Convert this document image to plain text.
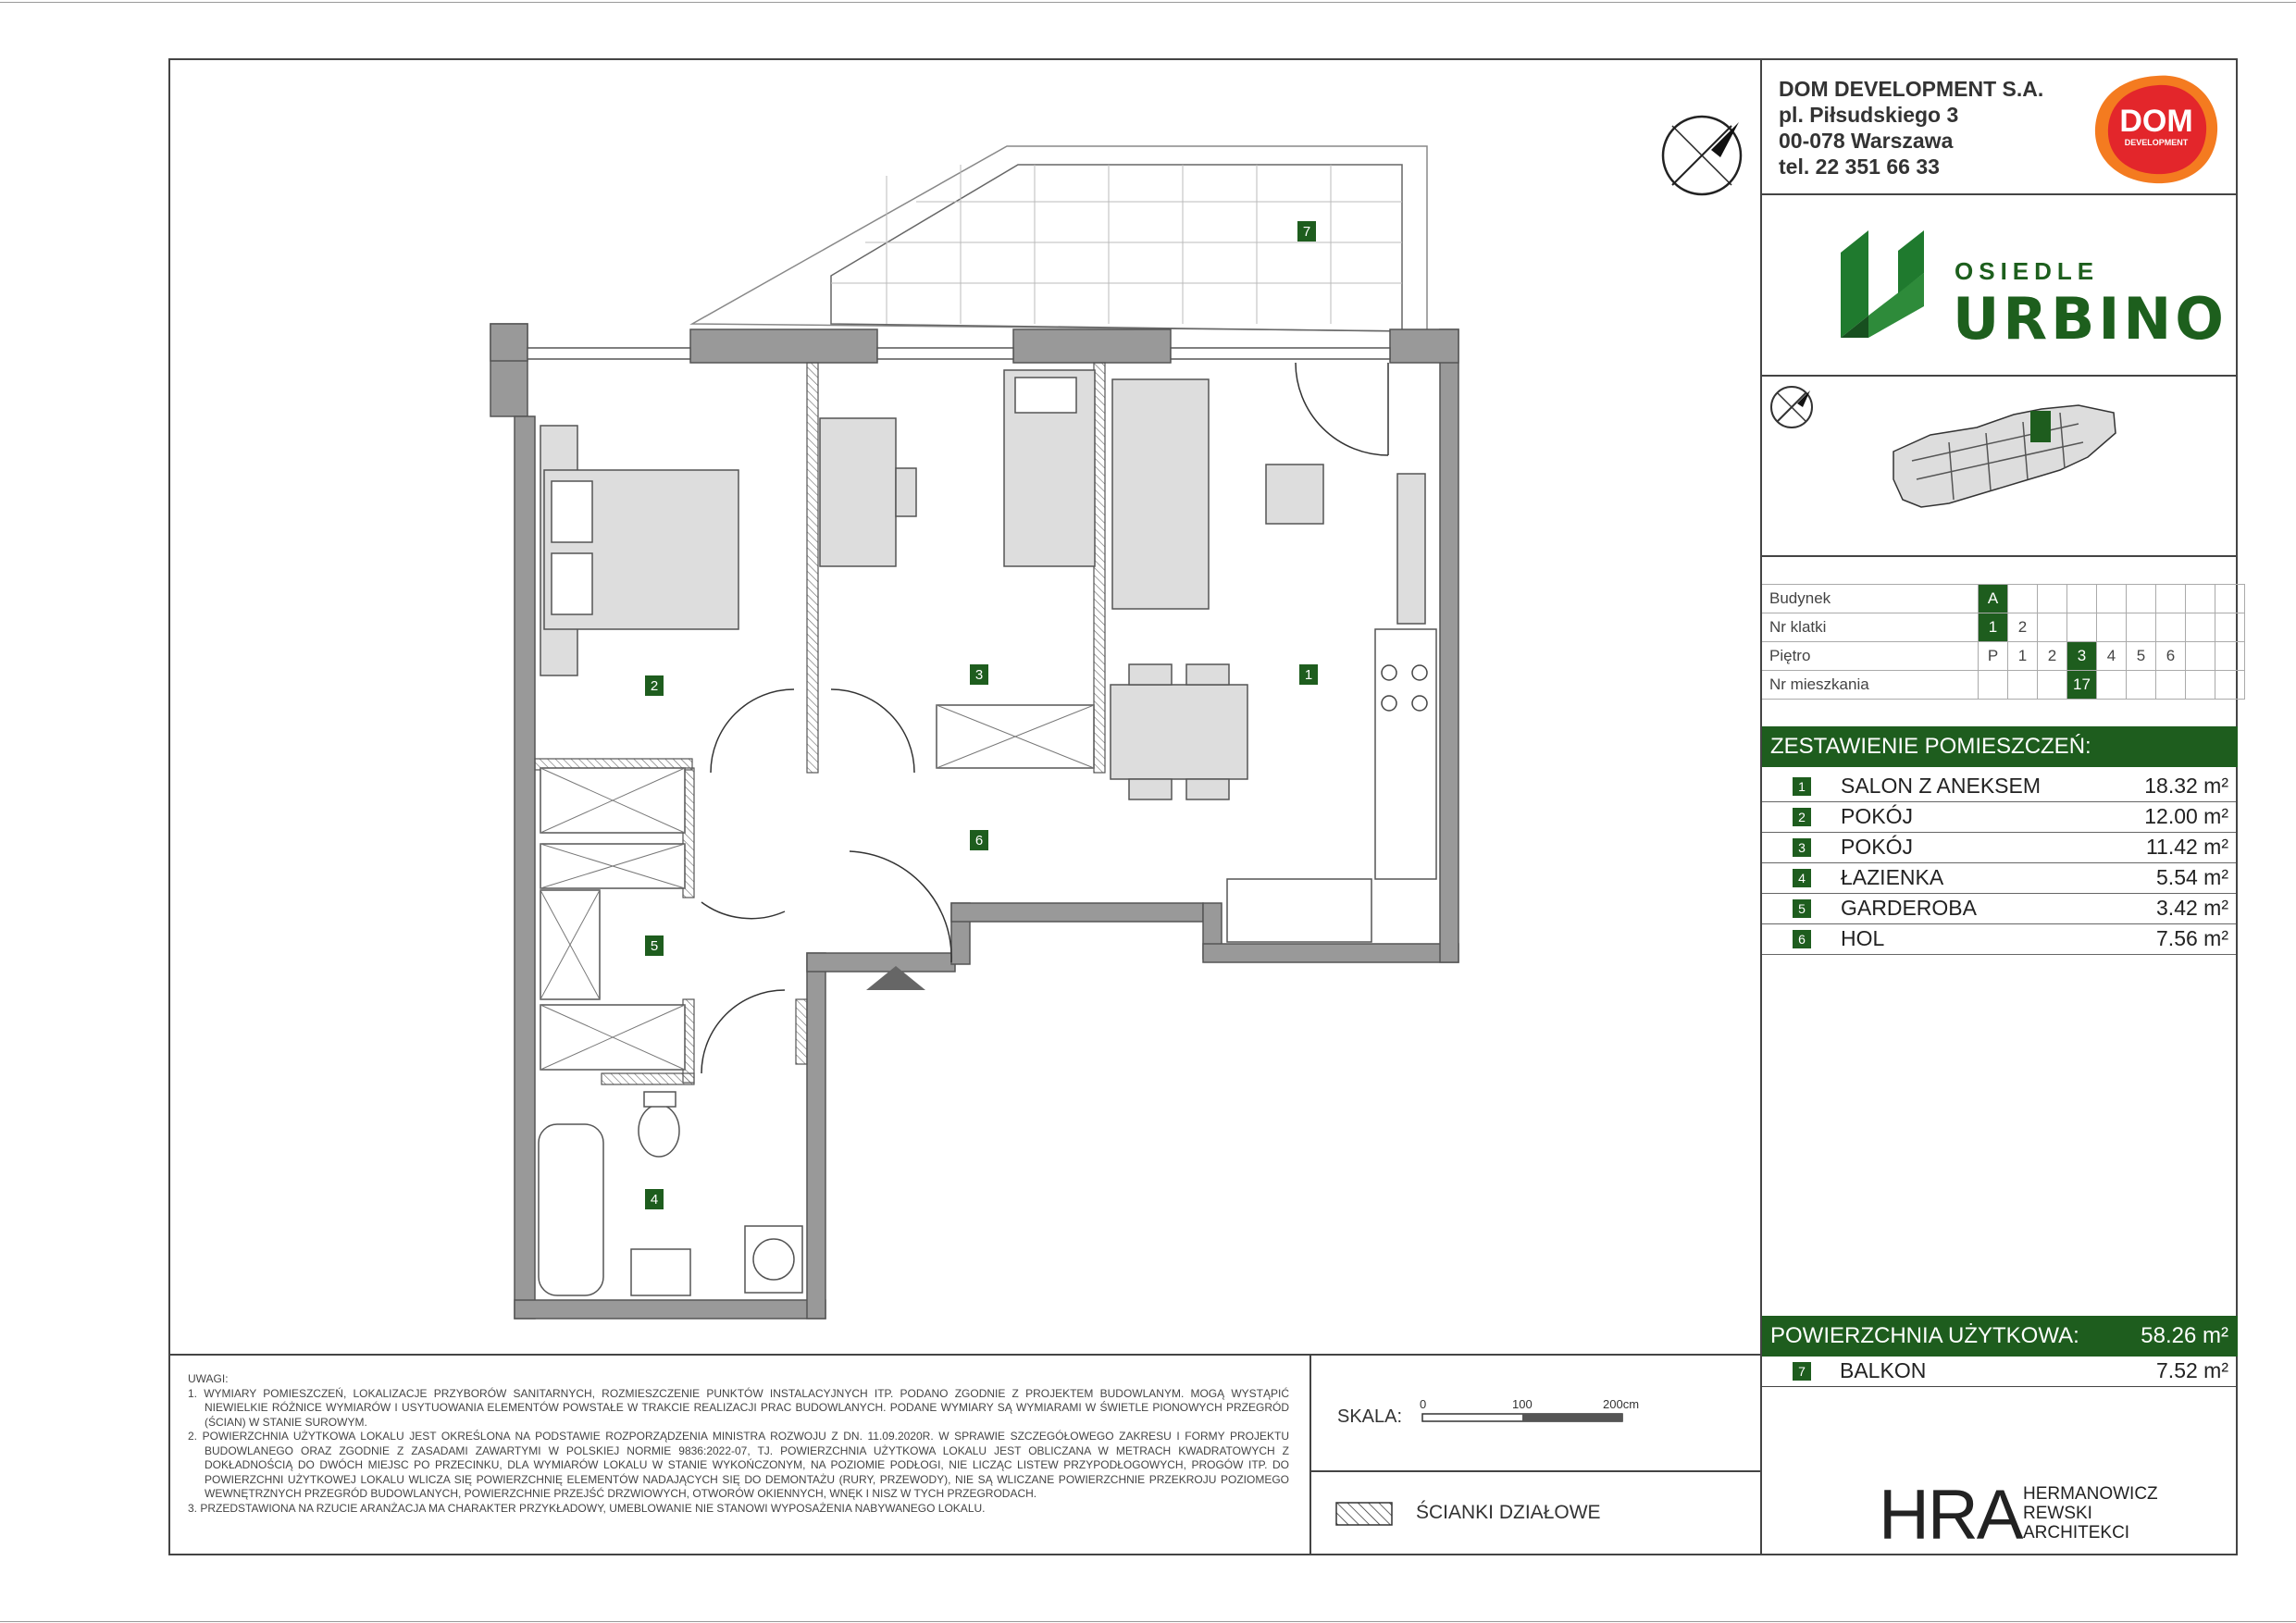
DOM DEVELOPMENT S.A.
pl. Piłsudskiego 3
00-078 Warszawa
tel. 22 351 66 33
DOM
DEVELOPMENT
OSIEDLE
URBINO
Budynek	A								
Nr klatki	1	2							
Piętro	P	1	2	3	4	5	6		
Nr mieszkania				17					
ZESTAWIENIE POMIESZCZEŃ:
1 SALON Z ANEKSEM	18.32 m²
2 POKÓJ	12.00 m²
3 POKÓJ	11.42 m²
4 ŁAZIENKA	5.54 m²
5 GARDEROBA	3.42 m²
6 HOL	7.56 m²
POWIERZCHNIA UŻYTKOWA:	58.26 m²
7 BALKON	7.52 m²
UWAGI:
1. WYMIARY POMIESZCZEŃ, LOKALIZACJE PRZYBORÓW SANITARNYCH, ROZMIESZCZENIE PUNKTÓW INSTALACYJNYCH ITP. PODANO ZGODNIE Z PROJEKTEM BUDOWLANYM. MOGĄ WYSTĄPIĆ NIEWIELKIE RÓŻNICE WYMIARÓW I USYTUOWANIA ELEMENTÓW POWSTAŁE W TRAKCIE REALIZACJI PRAC BUDOWLANYCH. PODANE WYMIARY SĄ WYMIARAMI W ŚWIETLE PIONOWYCH PRZEGRÓD (ŚCIAN) W STANIE SUROWYM.
2. POWIERZCHNIA UŻYTKOWA LOKALU JEST OKREŚLONA NA PODSTAWIE ROZPORZĄDZENIA MINISTRA ROZWOJU Z DN. 11.09.2020R. W SPRAWIE SZCZEGÓŁOWEGO ZAKRESU I FORMY PROJEKTU BUDOWLANEGO ORAZ ZGODNIE Z ZASADAMI ZAWARTYMI W POLSKIEJ NORMIE 9836:2022-07, TJ. POWIERZCHNIA UŻYTKOWA LOKALU JEST OBLICZANA W METRACH KWADRATOWYCH Z DOKŁADNOŚCIĄ DO DWÓCH MIEJSC PO PRZECINKU, DLA WYMIARÓW LOKALU W STANIE WYKOŃCZONYM, NA POZIOMIE PODŁOGI, NIE LICZĄC LISTEW PRZYPODŁOGOWYCH, PROGÓW ITP. DO POWIERZCHNI UŻYTKOWEJ LOKALU WLICZA SIĘ POWIERZCHNIĘ ELEMENTÓW NADAJĄCYCH SIĘ DO DEMONTAŻU (RURY, PRZEWODY), NIE SĄ WLICZANE POWIERZCHNIE PRZEKROJU POZIOMEGO WEWNĘTRZNYCH PRZEGRÓD BUDOWLANYCH, POWIERZCHNIE PRZEJŚĆ DRZWIOWYCH, OTWORÓW OKIENNYCH, WNĘK I NISZ W TYCH PRZEGRODACH.
3. PRZEDSTAWIONA NA RZUCIE ARANŻACJA MA CHARAKTER PRZYKŁADOWY, UMEBLOWANIE NIE STANOWI WYPOSAŻENIA NABYWANEGO LOKALU.
SKALA:
0	100	200cm
ŚCIANKI DZIAŁOWE	HRA HERMANOWICZ
REWSKI
ARCHITEKCI
1
2
3
4
5
6
7
